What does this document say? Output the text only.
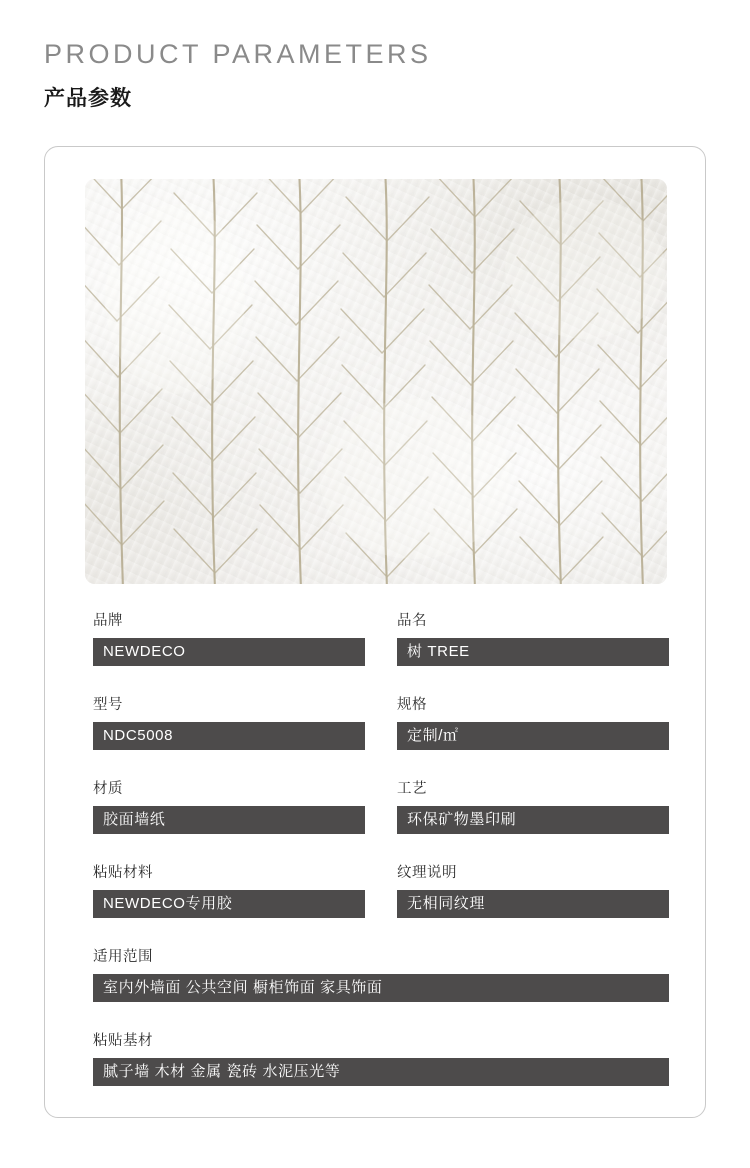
PRODUCT PARAMETERS
产品参数
品牌
NEWDECO
品名
树 TREE
型号
NDC5008
规格
定制/㎡
材质
胶面墙纸
工艺
环保矿物墨印刷
粘贴材料
NEWDECO专用胶
纹理说明
无相同纹理
适用范围
室内外墙面 公共空间 橱柜饰面 家具饰面
粘贴基材
腻子墙 木材 金属 瓷砖 水泥压光等
